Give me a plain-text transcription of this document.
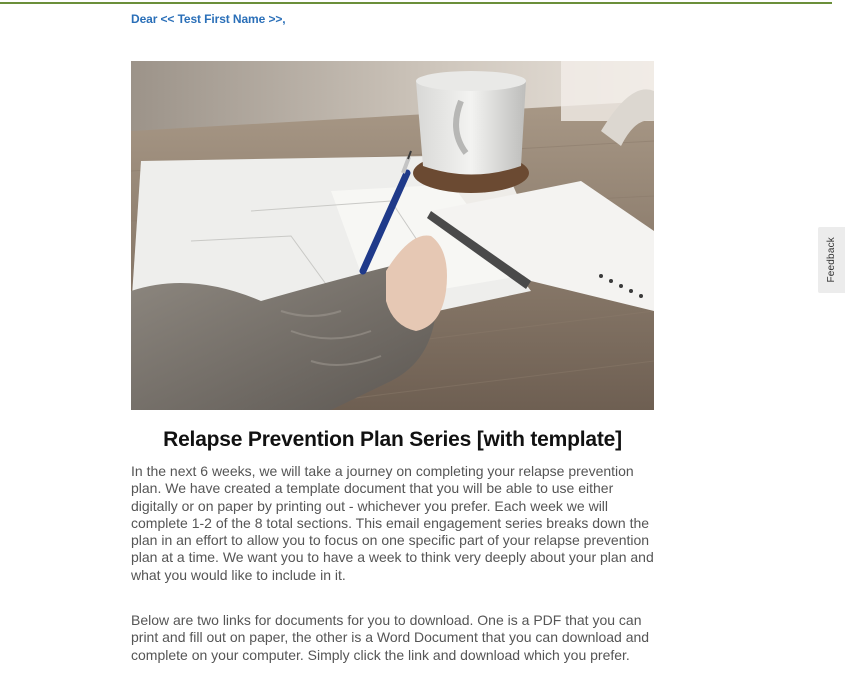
Dear << Test First Name >>,
Relapse Prevention Plan Series [with template]

In the next 6 weeks, we will take a journey on completing your relapse prevention plan. We have created a template document that you will be able to use either digitally or on paper by printing out - whichever you prefer. Each week we will complete 1-2 of the 8 total sections. This email engagement series breaks down the plan in an effort to allow you to focus on one specific part of your relapse prevention plan at a time. We want you to have a week to think very deeply about your plan and what you would like to include in it.

Below are two links for documents for you to download. One is a PDF that you can print and fill out on paper, the other is a Word Document that you can download and complete on your computer. Simply click the link and download which you prefer.

Feedback
